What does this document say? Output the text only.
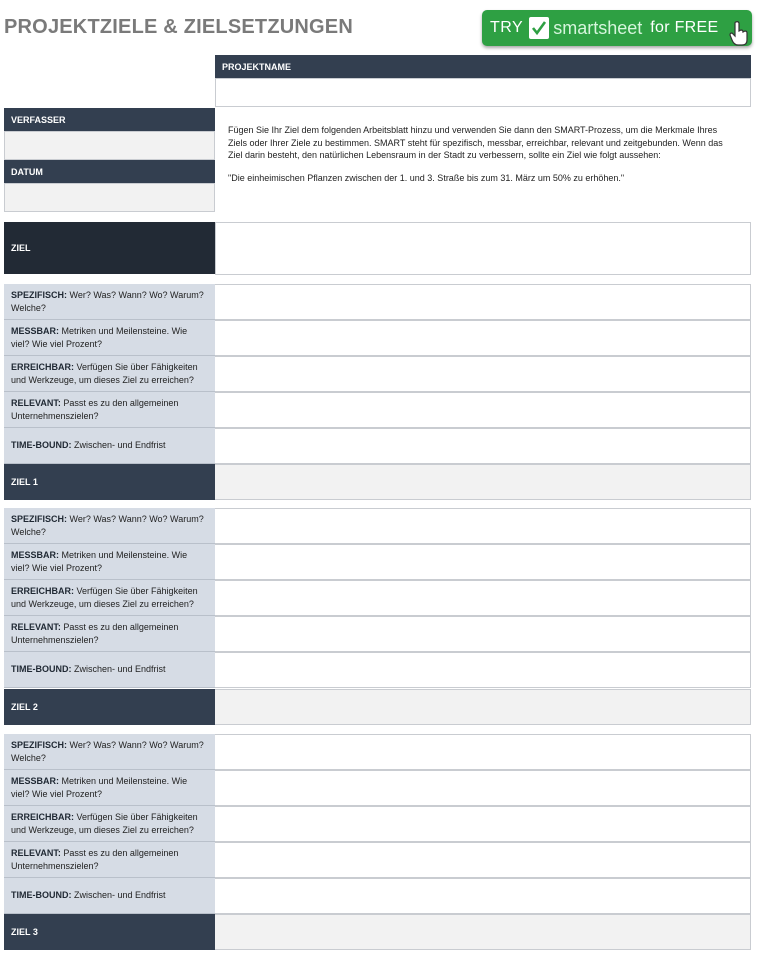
PROJEKTZIELE & ZIELSETZUNGEN	TRY smartsheet for FREE
PROJEKTNAME
VERFASSER
DATUM
Fügen Sie Ihr Ziel dem folgenden Arbeitsblatt hinzu und verwenden Sie dann den SMART-Prozess, um die Merkmale Ihres Ziels oder Ihrer Ziele zu bestimmen. SMART steht für spezifisch, messbar, erreichbar, relevant und zeitgebunden. Wenn das Ziel darin besteht, den natürlichen Lebensraum in der Stadt zu verbessern, sollte ein Ziel wie folgt aussehen:
"Die einheimischen Pflanzen zwischen der 1. und 3. Straße bis zum 31. März um 50% zu erhöhen."
ZIEL
SPEZIFISCH: Wer? Was? Wann? Wo? Warum? Welche?
MESSBAR: Metriken und Meilensteine. Wie viel? Wie viel Prozent?
ERREICHBAR: Verfügen Sie über Fähigkeiten und Werkzeuge, um dieses Ziel zu erreichen?
RELEVANT: Passt es zu den allgemeinen Unternehmenszielen?
TIME-BOUND: Zwischen- und Endfrist
ZIEL 1
SPEZIFISCH: Wer? Was? Wann? Wo? Warum? Welche?
MESSBAR: Metriken und Meilensteine. Wie viel? Wie viel Prozent?
ERREICHBAR: Verfügen Sie über Fähigkeiten und Werkzeuge, um dieses Ziel zu erreichen?
RELEVANT: Passt es zu den allgemeinen Unternehmenszielen?
TIME-BOUND: Zwischen- und Endfrist
ZIEL 2
SPEZIFISCH: Wer? Was? Wann? Wo? Warum? Welche?
MESSBAR: Metriken und Meilensteine. Wie viel? Wie viel Prozent?
ERREICHBAR: Verfügen Sie über Fähigkeiten und Werkzeuge, um dieses Ziel zu erreichen?
RELEVANT: Passt es zu den allgemeinen Unternehmenszielen?
TIME-BOUND: Zwischen- und Endfrist
ZIEL 3
